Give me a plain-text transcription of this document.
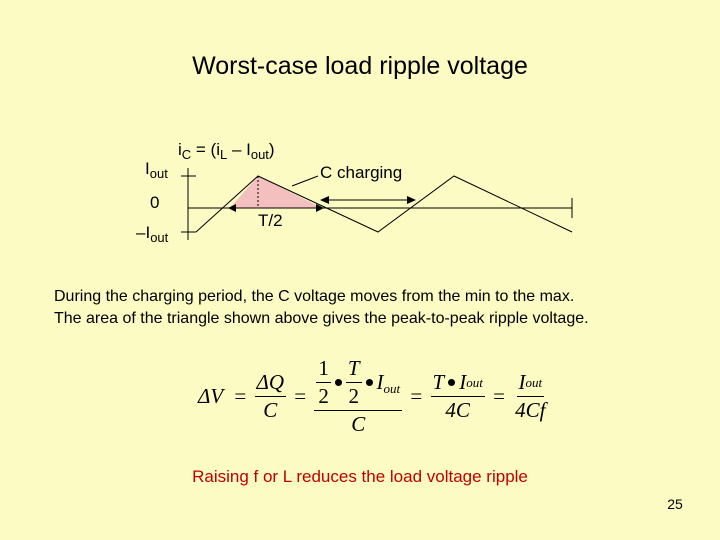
Worst-case load ripple voltage
$i_C = (i_L - I_{out})$
$I_{out}$
0
$-I_{out}$
C charging
T/2
During the charging period, the C voltage moves from the min to the max.
The area of the triangle shown above gives the peak-to-peak ripple voltage.
$\Delta V = \frac{\Delta Q}{C} = \frac{\frac{1}{2} \frac{T}{2} I_{out}}{C} = \frac{\text{T I out}}{4C} = \frac{\text{I out}}{4Cf}$
Raising f or L reduces the load voltage ripple
25
